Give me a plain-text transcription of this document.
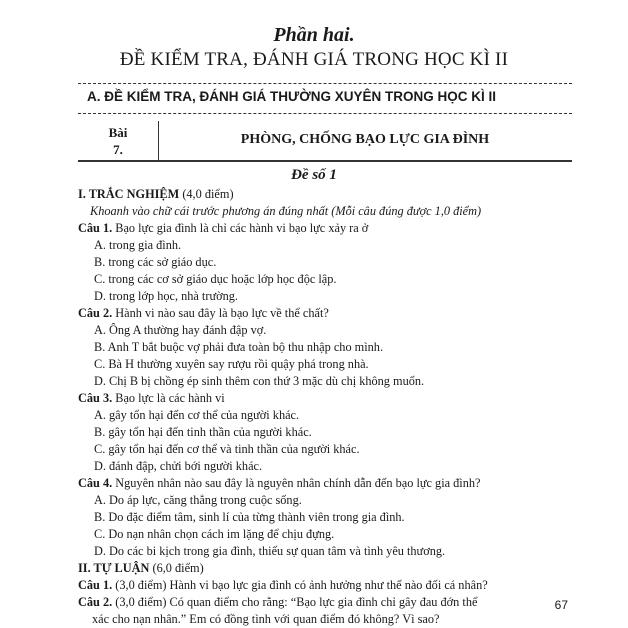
Phần hai.
ĐỀ KIỂM TRA, ĐÁNH GIÁ TRONG HỌC KÌ II
A. ĐỀ KIỂM TRA, ĐÁNH GIÁ THƯỜNG XUYÊN TRONG HỌC KÌ II
Bài
7.
PHÒNG, CHỐNG BẠO LỰC GIA ĐÌNH
Đề số 1
I. TRẮC NGHIỆM (4,0 điểm)
Khoanh vào chữ cái trước phương án đúng nhất (Mỗi câu đúng được 1,0 điểm)
Câu 1. Bạo lực gia đình là chỉ các hành vi bạo lực xảy ra ở
A. trong gia đình.
B. trong các sở giáo dục.
C. trong các cơ sở giáo dục hoặc lớp học độc lập.
D. trong lớp học, nhà trường.
Câu 2. Hành vi nào sau đây là bạo lực về thể chất?
A. Ông A thường hay đánh đập vợ.
B. Anh T bắt buộc vợ phải đưa toàn bộ thu nhập cho mình.
C. Bà H thường xuyên say rượu rồi quậy phá trong nhà.
D. Chị B bị chồng ép sinh thêm con thứ 3 mặc dù chị không muốn.
Câu 3. Bạo lực là các hành vi
A. gây tổn hại đến cơ thể của người khác.
B. gây tổn hại đến tinh thần của người khác.
C. gây tổn hại đến cơ thể và tinh thần của người khác.
D. đánh đập, chửi bới người khác.
Câu 4. Nguyên nhân nào sau đây là nguyên nhân chính dẫn đến bạo lực gia đình?
A. Do áp lực, căng thẳng trong cuộc sống.
B. Do đặc điểm tâm, sinh lí của từng thành viên trong gia đình.
C. Do nạn nhân chọn cách im lặng để chịu đựng.
D. Do các bi kịch trong gia đình, thiếu sự quan tâm và tình yêu thương.
II. TỰ LUẬN (6,0 điểm)
Câu 1. (3,0 điểm) Hành vi bạo lực gia đình có ảnh hưởng như thế nào đối cá nhân?
Câu 2. (3,0 điểm) Có quan điểm cho rằng: “Bạo lực gia đình chỉ gây đau đớn thể
xác cho nạn nhân.” Em có đồng tình với quan điểm đó không? Vì sao?
67
